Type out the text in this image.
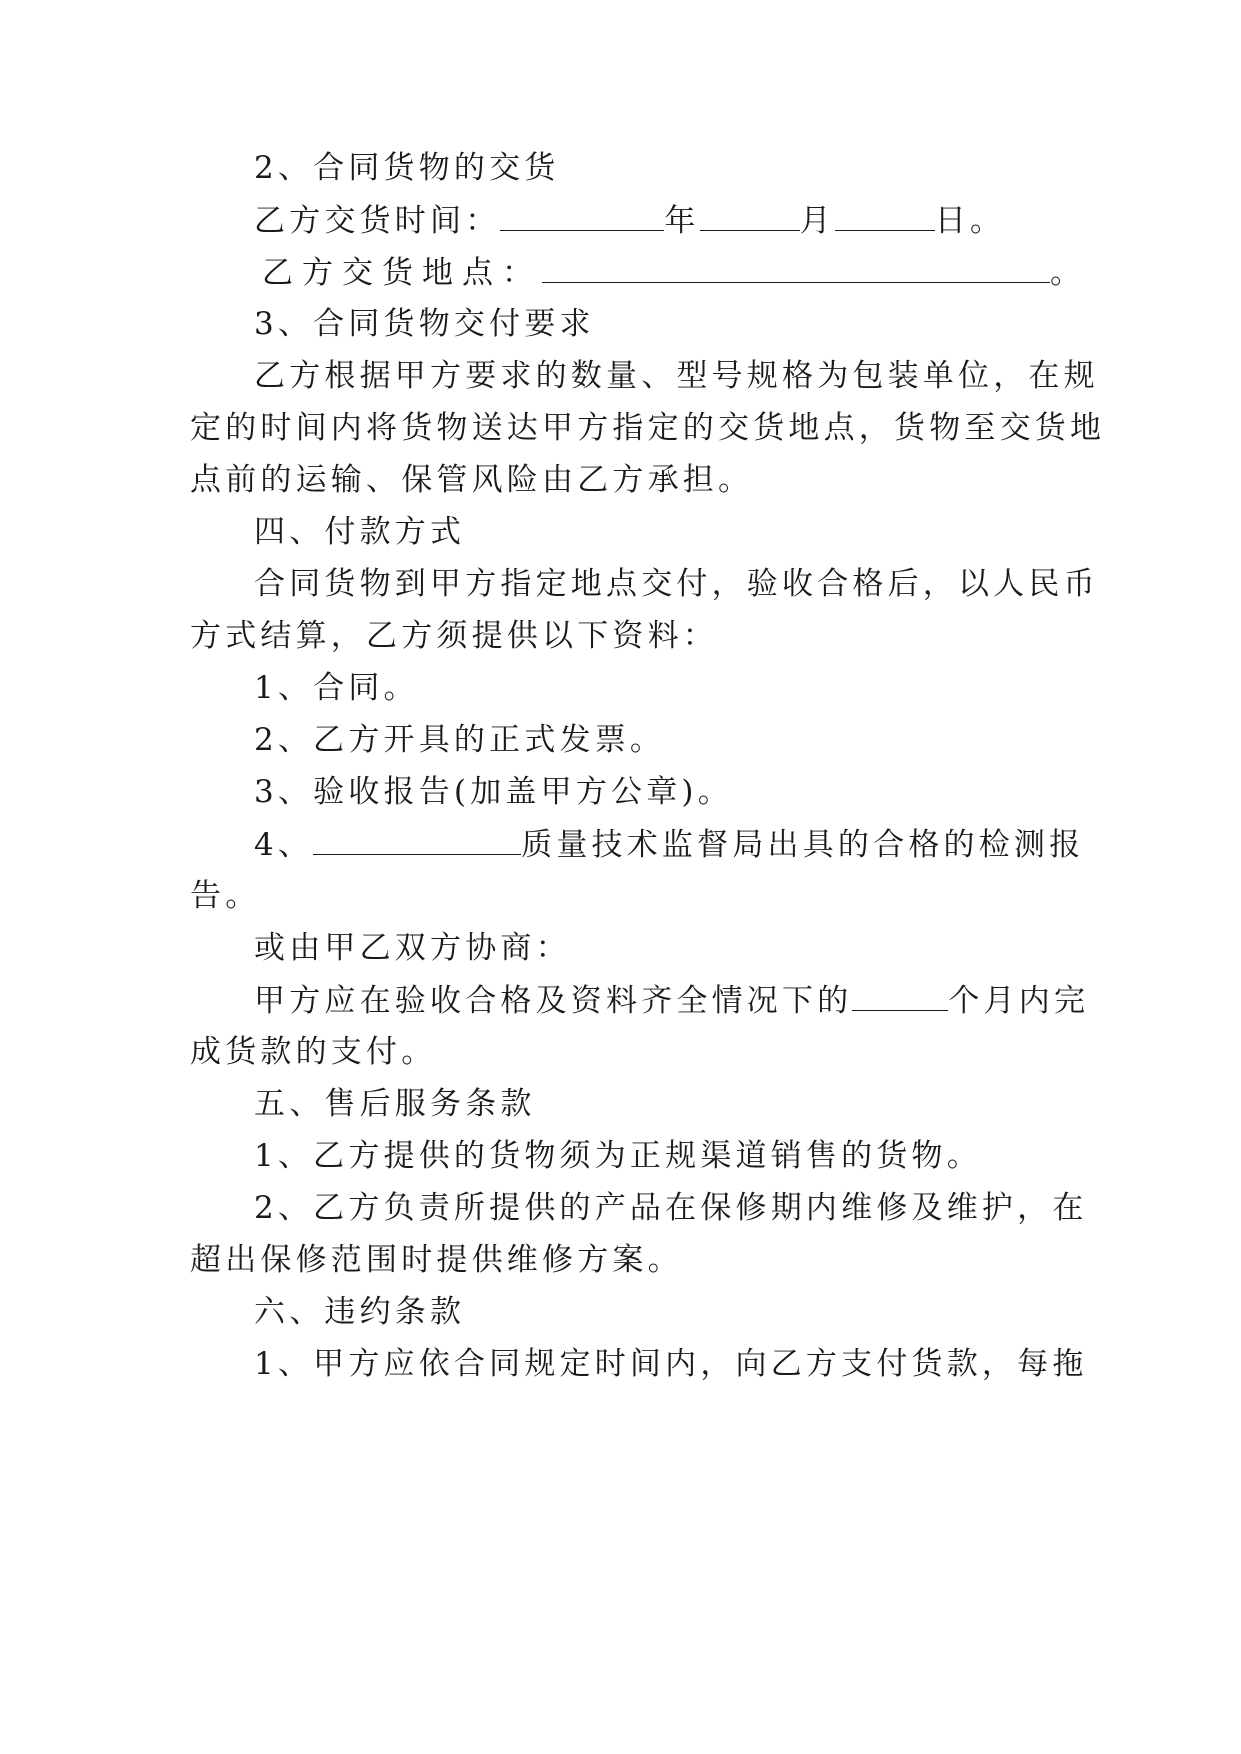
2、合同货物的交货
乙方交货时间：	年	月	日。
乙方交货地点：	。
3、合同货物交付要求
乙方根据甲方要求的数量、型号规格为包装单位，在规
定的时间内将货物送达甲方指定的交货地点，货物至交货地
点前的运输、保管风险由乙方承担。
四、付款方式
合同货物到甲方指定地点交付，验收合格后，以人民币
方式结算，乙方须提供以下资料：
1、合同。
2、乙方开具的正式发票。
3、验收报告(加盖甲方公章)。
4、	质量技术监督局出具的合格的检测报
告。
或由甲乙双方协商：
甲方应在验收合格及资料齐全情况下的	个月内完
成货款的支付。
五、售后服务条款
1、乙方提供的货物须为正规渠道销售的货物。
2、乙方负责所提供的产品在保修期内维修及维护，在
超出保修范围时提供维修方案。
六、违约条款
1、甲方应依合同规定时间内，向乙方支付货款，每拖
